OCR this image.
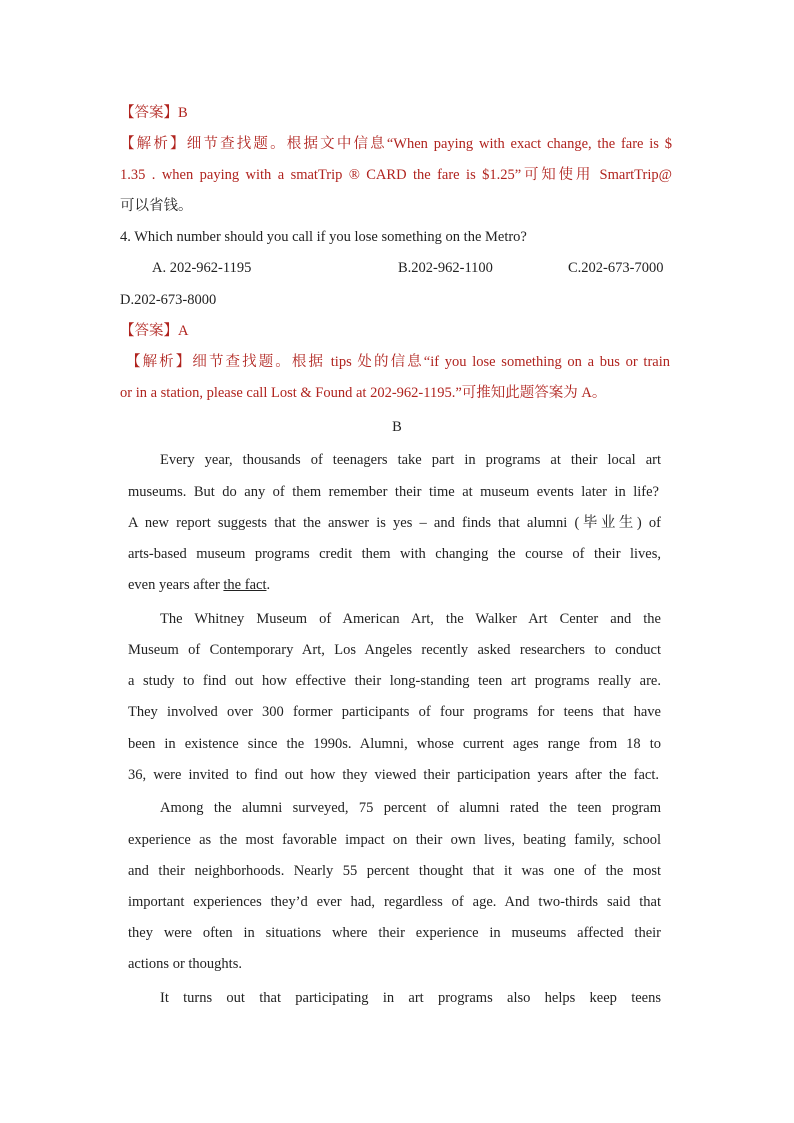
【答案】B
【解析】细节查找题。根据文中信息“When paying with exact change, the fare is $
1.35 . when paying with a smatTrip ® CARD the fare is $1.25”可知使用 SmartTrip@
可以省钱。
4. Which number should you call if you lose something on the Metro?
A. 202-962-1195	B.202-962-1100	C.202-673-7000
D.202-673-8000
【答案】A
【解析】细节查找题。根据 tips 处的信息“if you lose something on a bus or train
or in a station, please call Lost & Found at 202-962-1195.”可推知此题答案为 A。
B
Every year, thousands of teenagers take part in programs at their local art
museums. But do any of them remember their time at museum events later in life?
A new report suggests that the answer is yes – and finds that alumni (毕业生) of
arts-based museum programs credit them with changing the course of their lives,
even years after the fact.
The Whitney Museum of American Art, the Walker Art Center and the
Museum of Contemporary Art, Los Angeles recently asked researchers to conduct
a study to find out how effective their long-standing teen art programs really are.
They involved over 300 former participants of four programs for teens that have
been in existence since the 1990s. Alumni, whose current ages range from 18 to
36, were invited to find out how they viewed their participation years after the fact.
Among the alumni surveyed, 75 percent of alumni rated the teen program
experience as the most favorable impact on their own lives, beating family, school
and their neighborhoods. Nearly 55 percent thought that it was one of the most
important experiences they’d ever had, regardless of age. And two-thirds said that
they were often in situations where their experience in museums affected their
actions or thoughts.
It turns out that participating in art programs also helps keep teens
